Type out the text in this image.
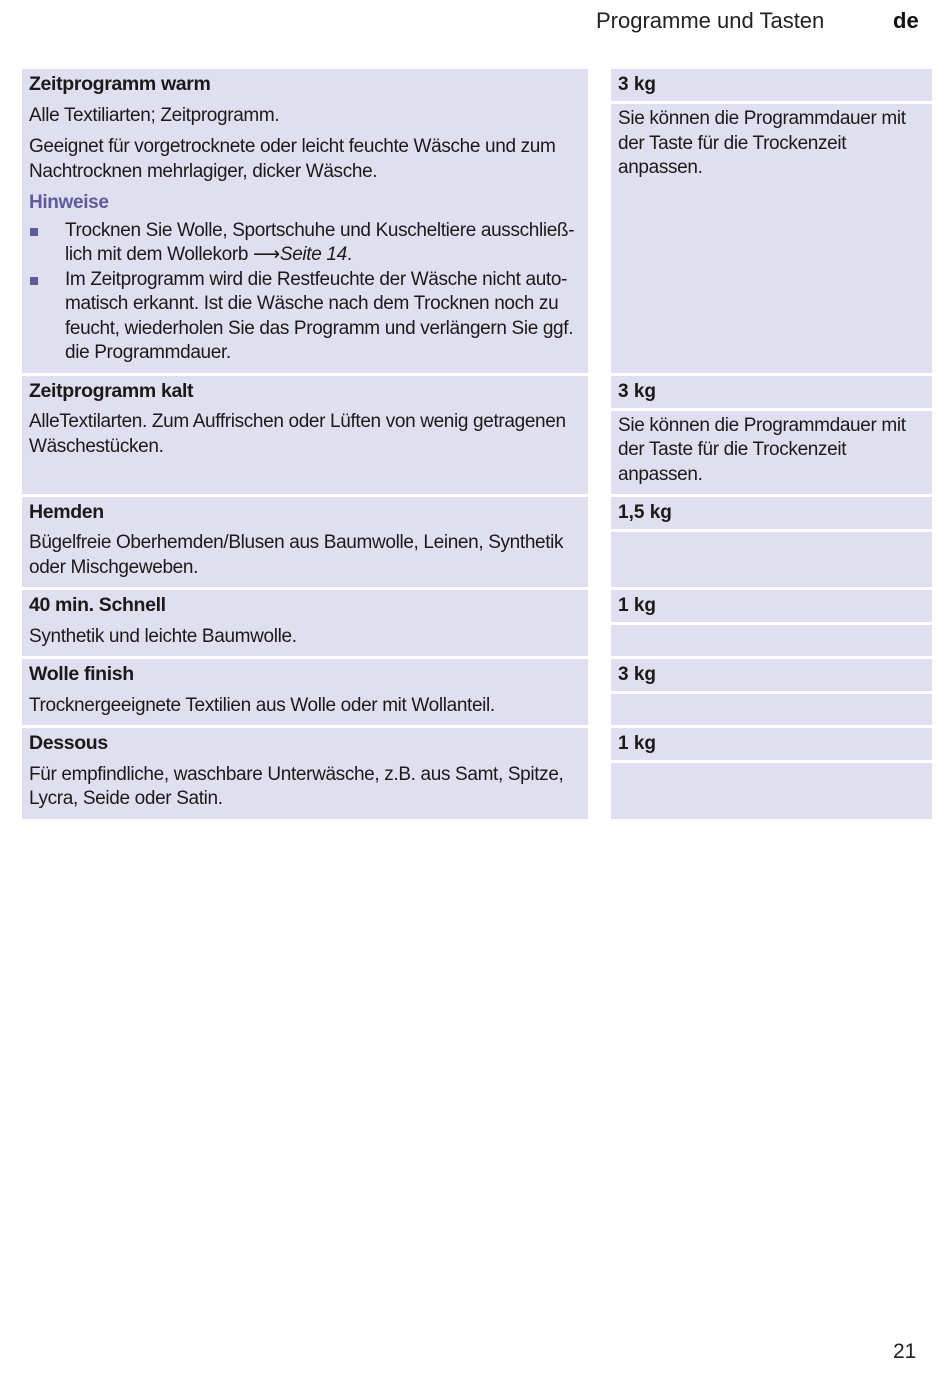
Programme und Tasten	de
Zeitprogramm warm
Alle Textiliarten; Zeitprogramm.
Geeignet für vorgetrocknete oder leicht feuchte Wäsche und zum Nachtrocknen mehrlagiger, dicker Wäsche.
Hinweise
Trocknen Sie Wolle, Sportschuhe und Kuscheltiere ausschließlich mit dem Wollekorb ⟶Seite 14.
Im Zeitprogramm wird die Restfeuchte der Wäsche nicht automatisch erkannt. Ist die Wäsche nach dem Trocknen noch zu feucht, wiederholen Sie das Programm und verlängern Sie ggf. die Programmdauer.
3 kg
Sie können die Programmdauer mit der Taste für die Trockenzeit anpassen.
Zeitprogramm kalt
AlleTextilarten. Zum Auffrischen oder Lüften von wenig getragenen Wäschestücken.
3 kg
Sie können die Programmdauer mit der Taste für die Trockenzeit anpassen.
Hemden
Bügelfreie Oberhemden/Blusen aus Baumwolle, Leinen, Synthetik oder Mischgeweben.
1,5 kg
40 min. Schnell
Synthetik und leichte Baumwolle.
1 kg
Wolle finish
Trocknergeeignete Textilien aus Wolle oder mit Wollanteil.
3 kg
Dessous
Für empfindliche, waschbare Unterwäsche, z.B. aus Samt, Spitze, Lycra, Seide oder Satin.
1 kg
21
